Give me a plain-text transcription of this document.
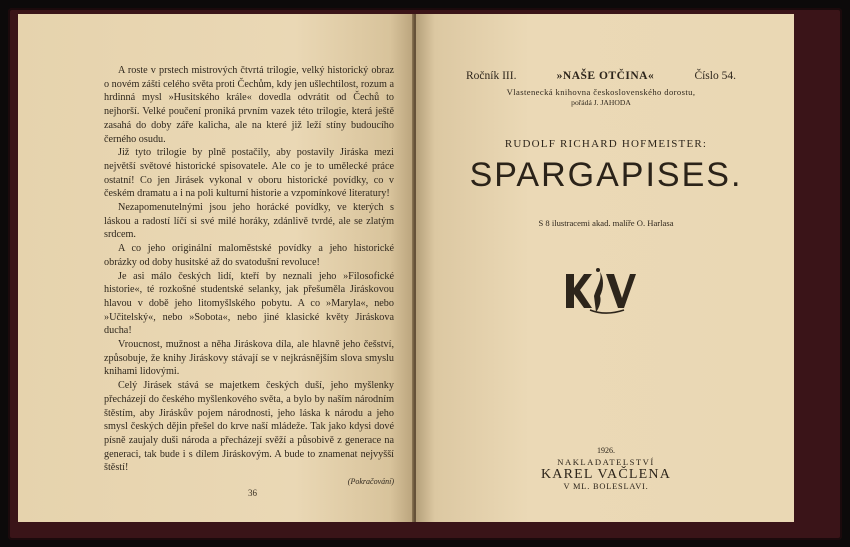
A roste v prstech mistrových čtvrtá trilogie, velký historický obraz o novém zášti celého světa proti Čechům, kdy jen ušlechtilost, rozum a hrdinná mysl »Husitského krále« dovedla odvrátit od Čechů to nejhorší. Velké poučení proniká prvním vazek této trilogie, která ještě zasahá do doby záře kalicha, ale na které již leží stíny budoucího černého osudu.

Již tyto trilogie by plně postačily, aby postavily Jiráska mezi největší světové historické spisovatele. Ale co je to umělecké práce ostatní! Co jen Jirásek vykonal v oboru historické povídky, co v českém dramatu a i na poli kulturní historie a vzpomínkové literatury!

Nezapomenutelnými jsou jeho horácké povídky, ve kterých s láskou a radostí líčí si své milé horáky, zdánlivě tvrdé, ale se zlatým srdcem.

A co jeho originální maloměstské povídky a jeho historické obrázky od doby husitské až do svatodušní revoluce!

Je asi málo českých lidí, kteří by neznali jeho »Filosofické historie«, té rozkošné studentské selanky, jak přešuměla Jiráskovou hlavou v době jeho litomyšlského pobytu. A co »Maryla«, nebo »Učitelský«, nebo »Sobota«, nebo jiné klasické květy Jiráskova ducha!

Vroucnost, mužnost a něha Jiráskova díla, ale hlavně jeho češství, způsobuje, že knihy Jiráskovy stávají se v nejkrásnějším slova smyslu knihami lidovými.

Celý Jirásek stává se majetkem českých duší, jeho myšlenky přecházejí do českého myšlenkového světa, a bylo by naším národním štěstím, aby Jiráskův pojem národnosti, jeho láska k národu a jeho smysl českých dějin přešel do krve naší mládeže. Tak jako kdysi dové písně zaujaly duši národa a přecházejí svěží a působivě z generace na generaci, tak bude i s dílem Jiráskovým. A bude to znamenat nejvyšší štěstí!

(Pokračování)
36
Ročník III.	»NAŠE OTČINA«	Číslo 54.
Vlastenecká knihovna československého dorostu,
pořádá J. JAHODA
RUDOLF RICHARD HOFMEISTER:
SPARGAPISES.
S 8 ilustracemi akad. malíře O. Harlasa
1926.
NAKLADATELSTVÍ
KAREL VAČLENA
V ML. BOLESLAVI.
